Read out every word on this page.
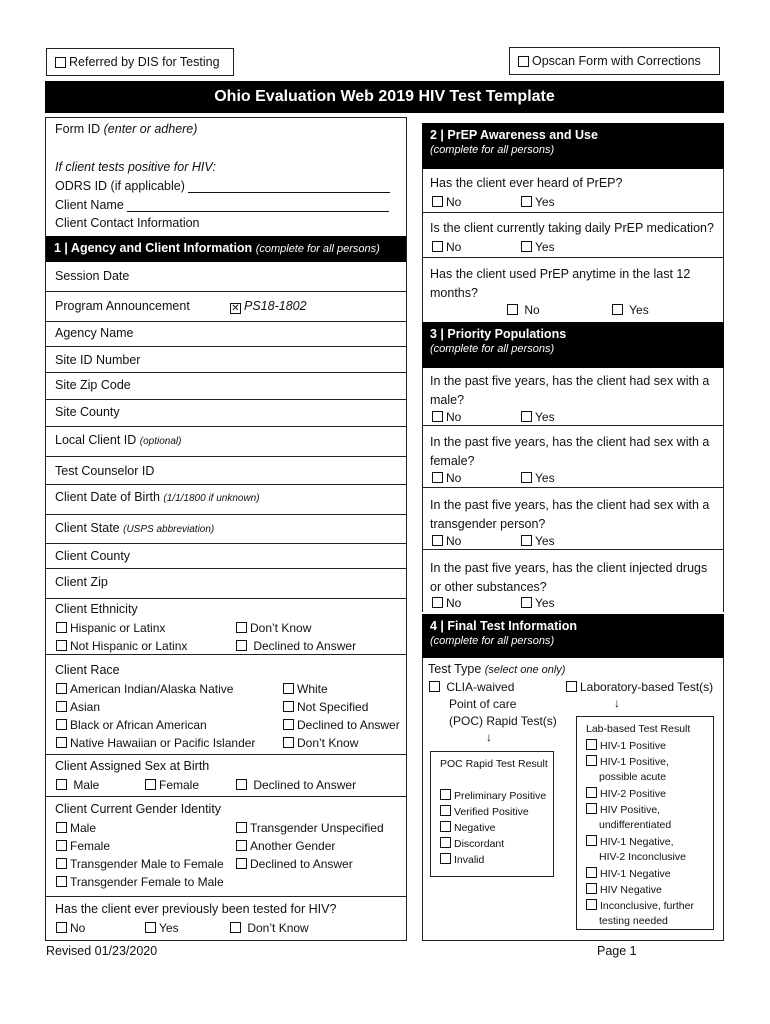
Referred by DIS for Testing	Opscan Form with Corrections
Ohio Evaluation Web 2019 HIV Test Template
Form ID (enter or adhere)
If client tests positive for HIV:
ODRS ID (if applicable)
Client Name
Client Contact Information
1 | Agency and Client Information (complete for all persons)
Session Date
Program Announcement	✕ PS18-1802
Agency Name
Site ID Number
Site Zip Code
Site County
Local Client ID (optional)
Test Counselor ID
Client Date of Birth (1/1/1800 if unknown)
Client State (USPS abbreviation)
Client County
Client Zip
Client Ethnicity
Hispanic or Latinx	Don’t Know
Not Hispanic or Latinx	Declined to Answer
Client Race
American Indian/Alaska Native	White
Asian	Not Specified
Black or African American	Declined to Answer
Native Hawaiian or Pacific Islander	Don’t Know
Client Assigned Sex at Birth
Male	Female	Declined to Answer
Client Current Gender Identity
Male	Transgender Unspecified
Female	Another Gender
Transgender Male to Female	Declined to Answer
Transgender Female to Male
Has the client ever previously been tested for HIV?
No	Yes	Don’t Know
2 | PrEP Awareness and Use
(complete for all persons)
Has the client ever heard of PrEP?
No	Yes
Is the client currently taking daily PrEP medication?
No	Yes
Has the client used PrEP anytime in the last 12 months?
No	Yes
3 | Priority Populations
(complete for all persons)
In the past five years, has the client had sex with a male?
No	Yes
In the past five years, has the client had sex with a female?
No	Yes
In the past five years, has the client had sex with a transgender person?
No	Yes
In the past five years, has the client injected drugs or other substances?
No	Yes
4 | Final Test Information
(complete for all persons)
Test Type (select one only)
CLIA-waived
Point of care
(POC) Rapid Test(s)
Laboratory-based Test(s)
↓
↓
POC Rapid Test Result
Preliminary Positive
Verified Positive
Negative
Discordant
Invalid
Lab-based Test Result
HIV-1 Positive
HIV-1 Positive,
possible acute
HIV-2 Positive
HIV Positive,
undifferentiated
HIV-1 Negative,
HIV-2 Inconclusive
HIV-1 Negative
HIV Negative
Inconclusive, further
testing needed
Revised 01/23/2020	Page 1
